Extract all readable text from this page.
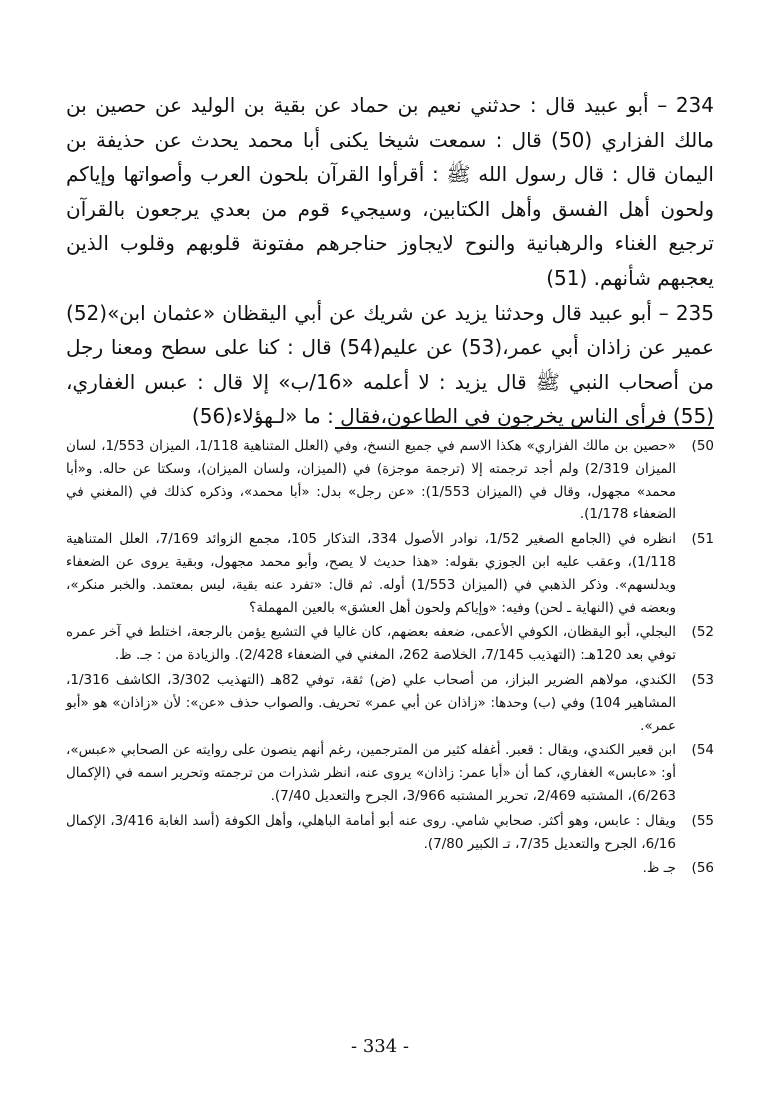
234 – أبو عبيد قال : حدثني نعيم بن حماد عن بقية بن الوليد عن حصين بن مالك الفزاري (50) قال : سمعت شيخا يكنى أبا محمد يحدث عن حذيفة بن اليمان قال : قال رسول الله ﷺ : أقرأوا القرآن بلحون العرب وأصواتها وإياكم ولحون أهل الفسق وأهل الكتابين، وسيجيء قوم من بعدي يرجعون بالقرآن ترجيع الغناء والرهبانية والنوح لايجاوز حناجرهم مفتونة قلوبهم وقلوب الذين يعجبهم شأنهم. (51)

235 – أبو عبيد قال وحدثنا يزيد عن شريك عن أبي اليقظان «عثمان ابن»(52) عمير عن زاذان أبي عمر،(53) عن عليم(54) قال : كنا على سطح ومعنا رجل من أصحاب النبي ﷺ قال يزيد : لا أعلمه «16/ب» إلا قال : عبس الغفاري،(55) فرأى الناس يخرجون في الطاعون،فقال : ما «لـهؤلاء(56)

50)

«حصين بن مالك الفزاري» هكذا الاسم في جميع النسخ، وفي (العلل المتناهية 1/118، الميزان 1/553، لسان الميزان 2/319) ولم أجد ترجمته إلا (ترجمة موجزة) في (الميزان، ولسان الميزان)، وسكتا عن حاله. و«أبا محمد» مجهول، وقال في (الميزان 1/553): «عن رجل» بدل: «أبا محمد»، وذكره كذلك في (المغني في الضعفاء 1/178).

51)

انظره في (الجامع الصغير 1/52، نوادر الأصول 334، التذكار 105، مجمع الزوائد 7/169، العلل المتناهية 1/118)، وعقب عليه ابن الجوزي بقوله: «هذا حديث لا يصح، وأبو محمد مجهول، وبقية يروى عن الضعفاء ويدلسهم». وذكر الذهبي في (الميزان 1/553) أوله. ثم قال: «تفرد عنه بقية، ليس بمعتمد. والخبر منكر»، وبعضه في (النهاية ـ لحن) وفيه: «وإياكم ولحون أهل العشق» بالعين المهملة؟

52)

البجلي، أبو اليقظان، الكوفي الأعمى، ضعفه بعضهم، كان غاليا في التشيع يؤمن بالرجعة، اختلط في آخر عمره توفي بعد 120هـ: (التهذيب 7/145، الخلاصة 262، المغني في الضعفاء 2/428). والزيادة من : جـ. ظ.

53)

الكندي، مولاهم الضرير البزاز، من أصحاب علي (ض) ثقة، توفي 82هـ (التهذيب 3/302، الكاشف 1/316، المشاهير 104) وفي (ب) وحدها: «زاذان عن أبي عمر» تحريف. والصواب حذف «عن»: لأن «زاذان» هو «أبو عمر».

54)

ابن قعير الكندي، ويقال : قعبر. أغفله كثير من المترجمين، رغم أنهم ينصون على روايته عن الصحابي «عبس»، أو: «عابس» الغفاري، كما أن «أبا عمر: زاذان» يروى عنه، انظر شذرات من ترجمته وتحرير اسمه في (الإكمال 6/263)، المشتبه 2/469، تحرير المشتبه 3/966، الجرح والتعديل 7/40).

55)

ويقال : عابس، وهو أكثر. صحابي شامي. روى عنه أبو أمامة الباهلي، وأهل الكوفة (أسد الغابة 3/416، الإكمال 6/16، الجرح والتعديل 7/35، تـ الكبير 7/80).

56)

جـ ظ.

- 334 -
